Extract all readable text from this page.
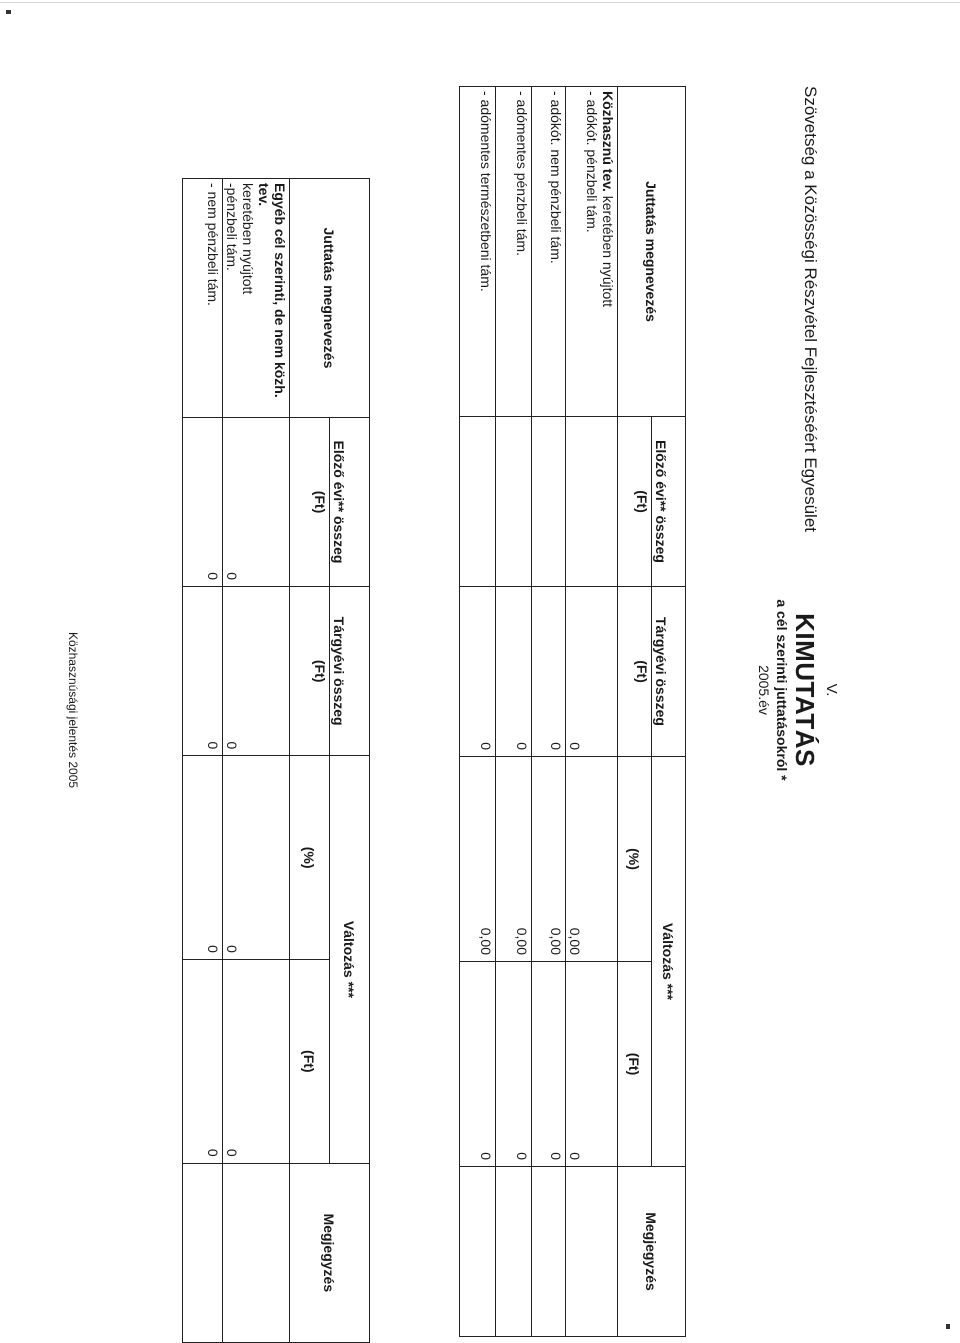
Szövetség a Közösségi Részvétel Fejlesztéséért Egyesület
V.
KIMUTATÁS
a cél szerinti juttatásokról *
2005.év
Juttatás megnevezés	Előző évi** összeg	Tárgyévi összeg	Változás ***		Megjegyzés
	(Ft)	(Ft)	(%)	(Ft)	
Közhasznú tev. keretében nyújtott
- adókót. pénzbeli tám.		0	0,00	0	
- adókót. nem pénzbeli tám.		0	0,00	0	
- adómentes pénzbeli tám.		0	0,00	0	
- adómentes természetbeni tám.		0	0,00	0	
Juttatás megnevezés	Előző évi** összeg	Tárgyévi összeg	Változás ***		Megjegyzés
	(Ft)	(Ft)	(%)	(Ft)	
Egyéb cél szerinti, de nem közh. tev.
keretében nyújtott
-pénzbeli tám.	0	0	0	0	
- nem pénzbeli tám.	0	0	0	0	
Közhasznúsági jelentés 2005
